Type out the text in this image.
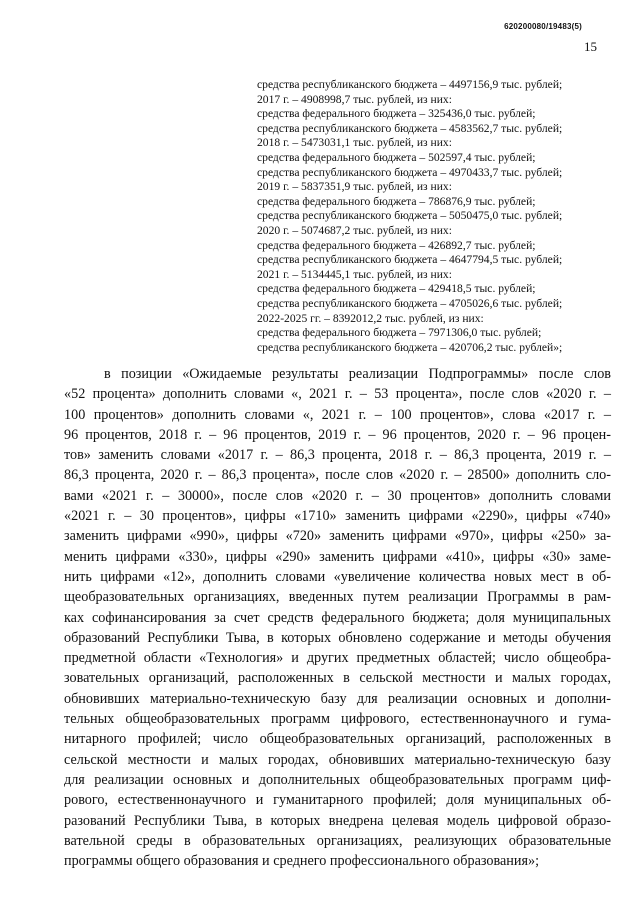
620200080/19483(5)
15
средства республиканского бюджета – 4497156,9 тыс. рублей;
2017 г. – 4908998,7 тыс. рублей, из них:
средства федерального бюджета – 325436,0 тыс. рублей;
средства республиканского бюджета – 4583562,7 тыс. рублей;
2018 г. – 5473031,1 тыс. рублей, из них:
средства федерального бюджета – 502597,4 тыс. рублей;
средства республиканского бюджета – 4970433,7 тыс. рублей;
2019 г. – 5837351,9 тыс. рублей, из них:
средства федерального бюджета – 786876,9 тыс. рублей;
средства республиканского бюджета – 5050475,0 тыс. рублей;
2020 г. – 5074687,2 тыс. рублей, из них:
средства федерального бюджета – 426892,7 тыс. рублей;
средства республиканского бюджета – 4647794,5 тыс. рублей;
2021 г. – 5134445,1 тыс. рублей, из них:
средства федерального бюджета – 429418,5 тыс. рублей;
средства республиканского бюджета – 4705026,6 тыс. рублей;
2022-2025 гг. – 8392012,2 тыс. рублей, из них:
средства федерального бюджета – 7971306,0 тыс. рублей;
средства республиканского бюджета – 420706,2 тыс. рублей»;
в позиции «Ожидаемые результаты реализации Подпрограммы» после слов
«52 процента» дополнить словами «, 2021 г. – 53 процента», после слов «2020 г. –
100 процентов» дополнить словами «, 2021 г. – 100 процентов», слова «2017 г. –
96 процентов, 2018 г. – 96 процентов, 2019 г. – 96 процентов, 2020 г. – 96 процен-
тов» заменить словами «2017 г. – 86,3 процента, 2018 г. – 86,3 процента, 2019 г. –
86,3 процента, 2020 г. – 86,3 процента», после слов «2020 г. – 28500» дополнить сло-
вами «2021 г. – 30000», после слов «2020 г. – 30 процентов» дополнить словами
«2021 г. – 30 процентов», цифры «1710» заменить цифрами «2290», цифры «740»
заменить цифрами «990», цифры «720» заменить цифрами «970», цифры «250» за-
менить цифрами «330», цифры «290» заменить цифрами «410», цифры «30» заме-
нить цифрами «12», дополнить словами «увеличение количества новых мест в об-
щеобразовательных организациях, введенных путем реализации Программы в рам-
ках софинансирования за счет средств федерального бюджета; доля муниципальных
образований Республики Тыва, в которых обновлено содержание и методы обучения
предметной области «Технология» и других предметных областей; число общеобра-
зовательных организаций, расположенных в сельской местности и малых городах,
обновивших материально-техническую базу для реализации основных и дополни-
тельных общеобразовательных программ цифрового, естественнонаучного и гума-
нитарного профилей; число общеобразовательных организаций, расположенных в
сельской местности и малых городах, обновивших материально-техническую базу
для реализации основных и дополнительных общеобразовательных программ циф-
рового, естественнонаучного и гуманитарного профилей; доля муниципальных об-
разований Республики Тыва, в которых внедрена целевая модель цифровой образо-
вательной среды в образовательных организациях, реализующих образовательные
программы общего образования и среднего профессионального образования»;
